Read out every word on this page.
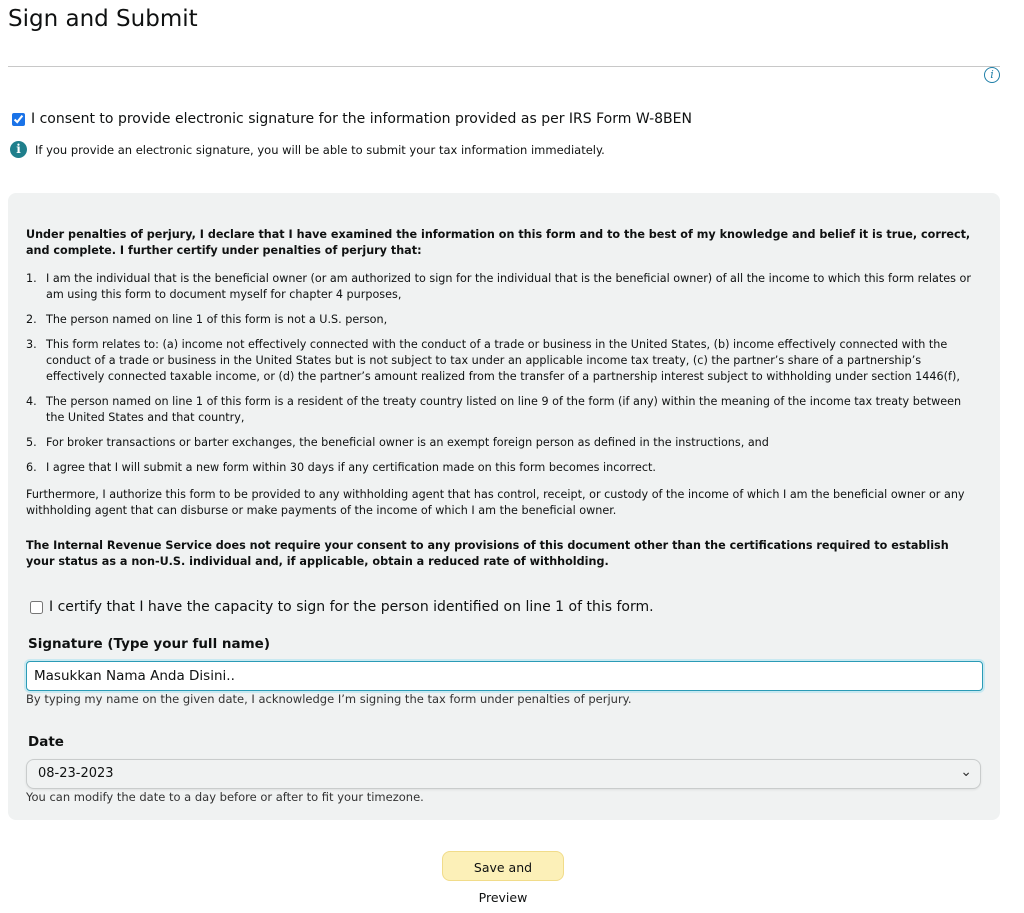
Sign and Submit
i
I consent to provide electronic signature for the information provided as per IRS Form W-8BEN
i	If you provide an electronic signature, you will be able to submit your tax information immediately.

Under penalties of perjury, I declare that I have examined the information on this form and to the best of my knowledge and belief it is true, correct, and complete. I further certify under penalties of perjury that:

1. I am the individual that is the beneficial owner (or am authorized to sign for the individual that is the beneficial owner) of all the income to which this form relates or am using this form to document myself for chapter 4 purposes,
2. The person named on line 1 of this form is not a U.S. person,
3. This form relates to: (a) income not effectively connected with the conduct of a trade or business in the United States, (b) income effectively connected with the conduct of a trade or business in the United States but is not subject to tax under an applicable income tax treaty, (c) the partner’s share of a partnership’s effectively connected taxable income, or (d) the partner’s amount realized from the transfer of a partnership interest subject to withholding under section 1446(f),
4. The person named on line 1 of this form is a resident of the treaty country listed on line 9 of the form (if any) within the meaning of the income tax treaty between the United States and that country,
5. For broker transactions or barter exchanges, the beneficial owner is an exempt foreign person as defined in the instructions, and
6. I agree that I will submit a new form within 30 days if any certification made on this form becomes incorrect.

Furthermore, I authorize this form to be provided to any withholding agent that has control, receipt, or custody of the income of which I am the beneficial owner or any withholding agent that can disburse or make payments of the income of which I am the beneficial owner.

The Internal Revenue Service does not require your consent to any provisions of this document other than the certifications required to establish your status as a non-U.S. individual and, if applicable, obtain a reduced rate of withholding.

I certify that I have the capacity to sign for the person identified on line 1 of this form.
Signature (Type your full name)
Masukkan Nama Anda Disini..
By typing my name on the given date, I acknowledge I’m signing the tax form under penalties of perjury.
Date
08-23-2023	⌄
You can modify the date to a day before or after to fit your timezone.
Save and Preview
